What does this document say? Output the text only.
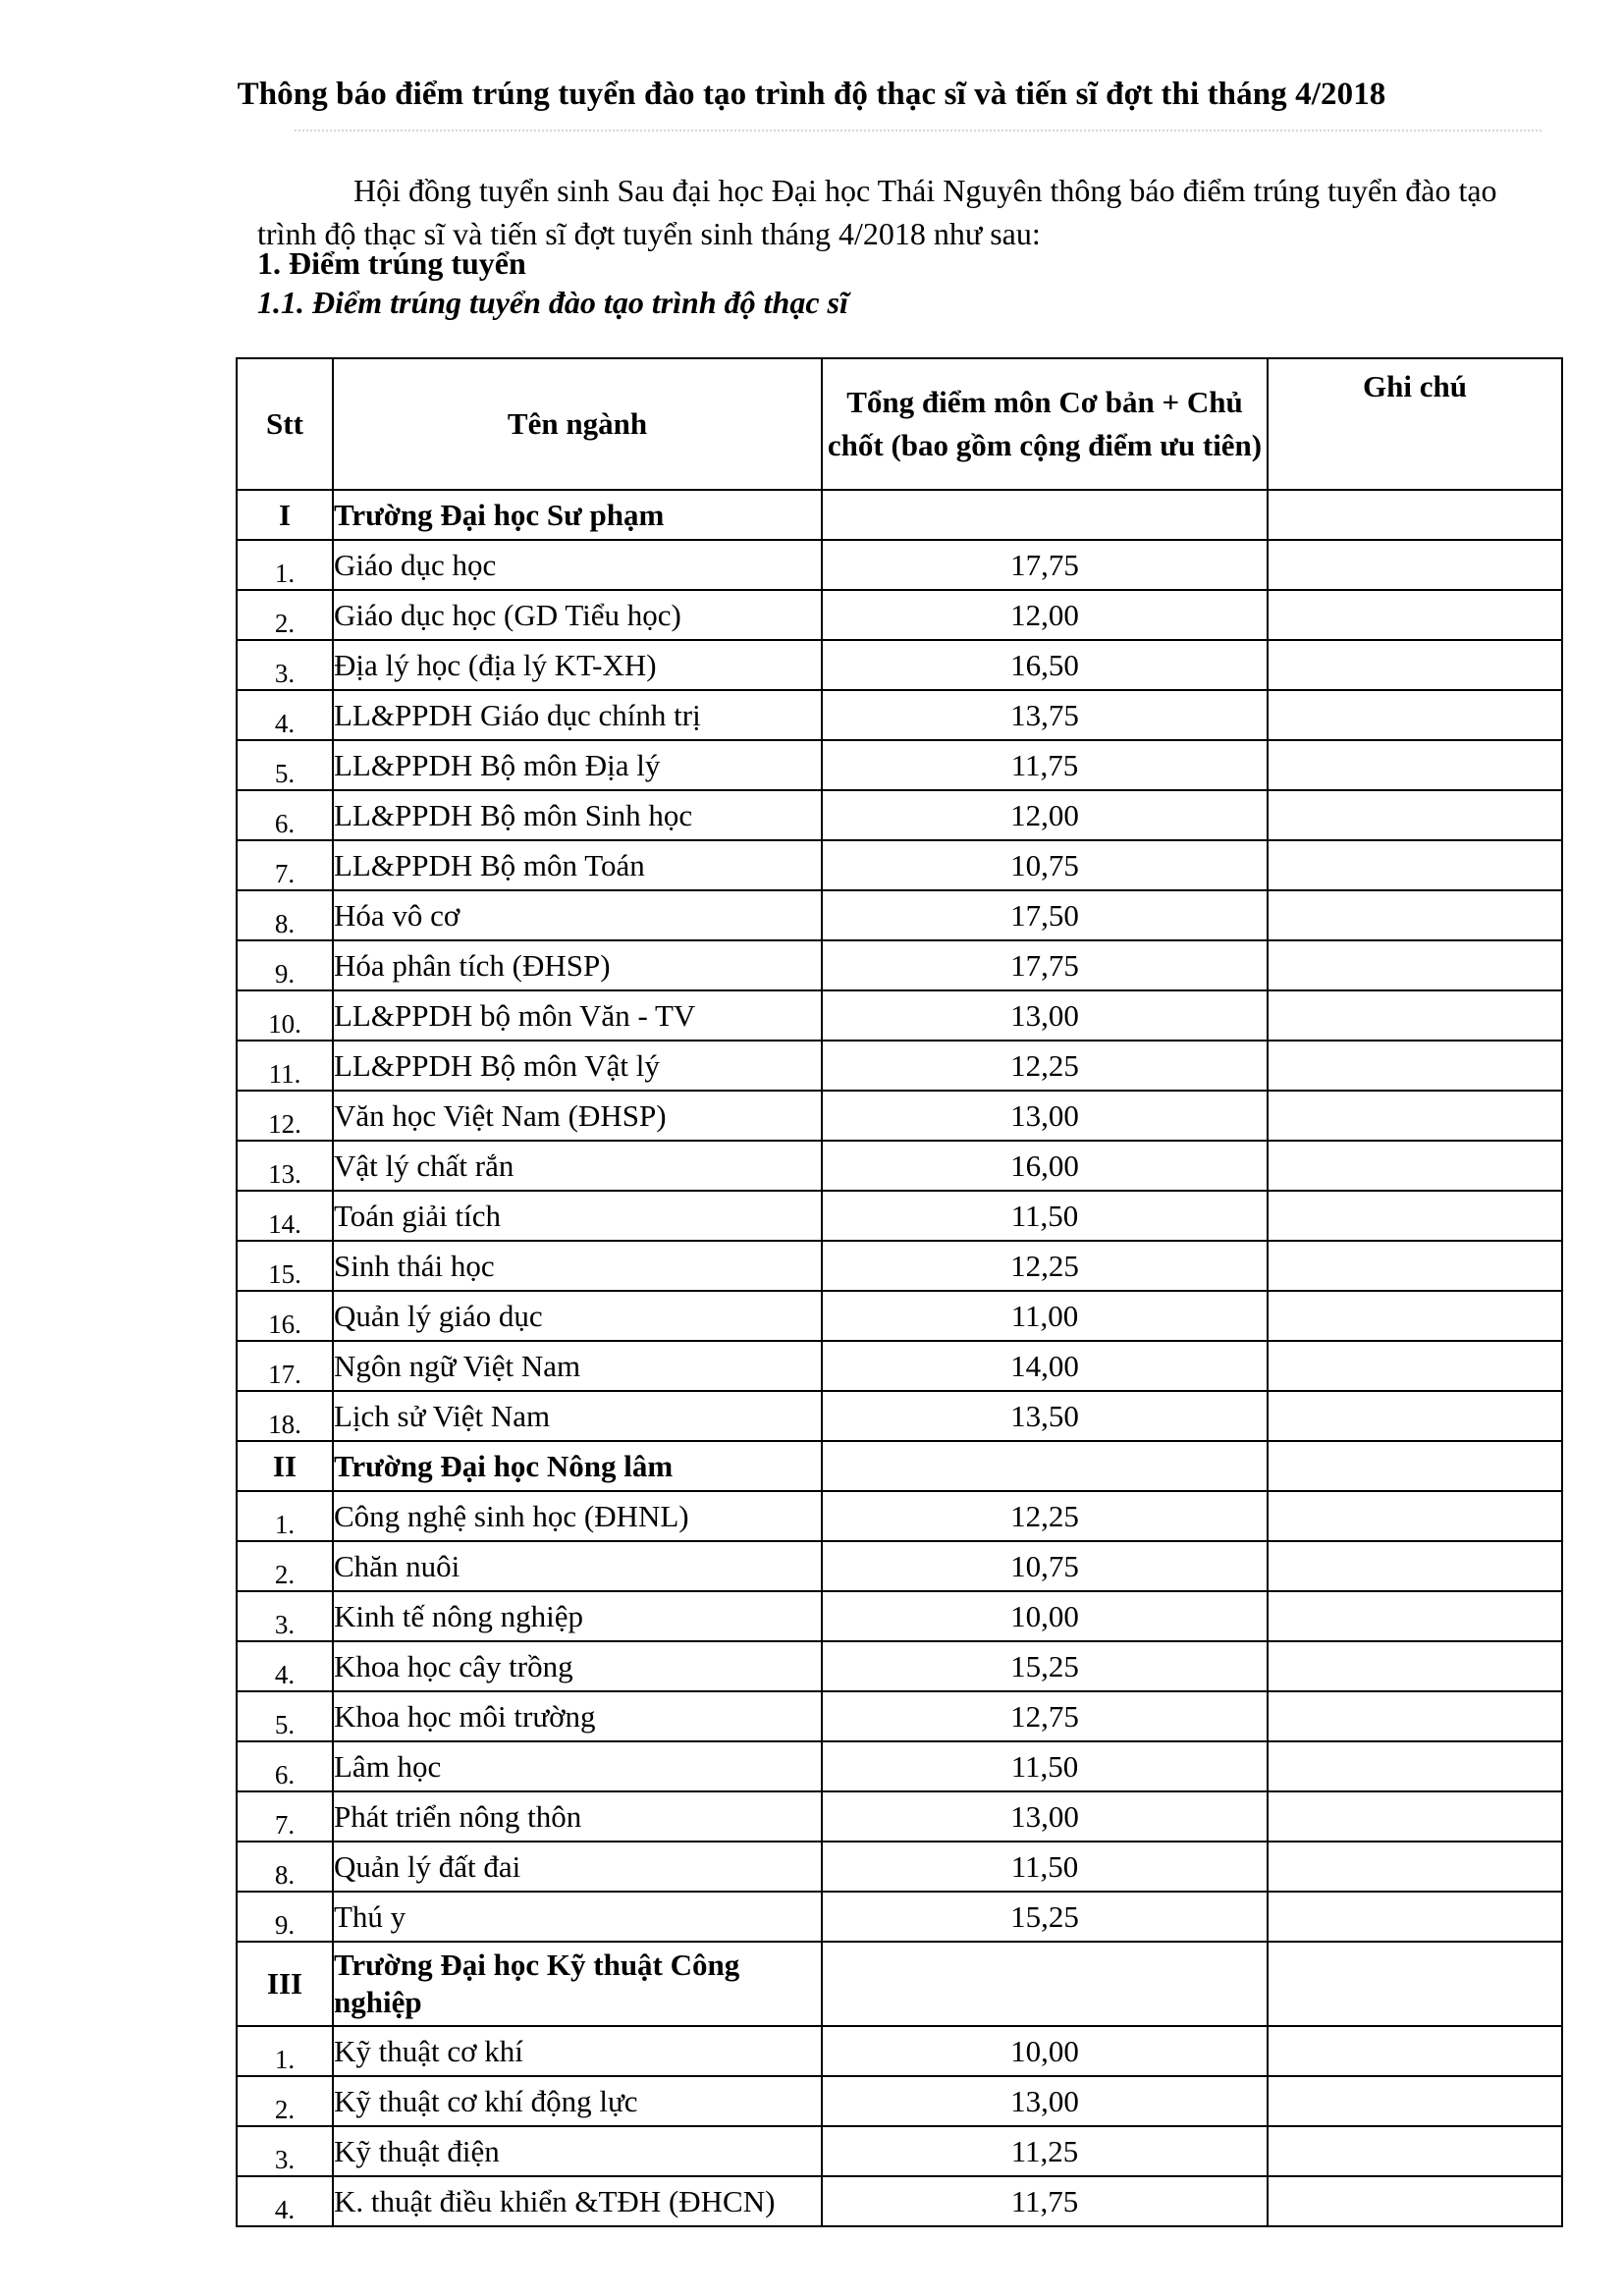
Thông báo điểm trúng tuyển đào tạo trình độ thạc sĩ và tiến sĩ đợt thi tháng 4/2018
Hội đồng tuyển sinh Sau đại học Đại học Thái Nguyên thông báo điểm trúng tuyển đào tạo trình độ thạc sĩ và tiến sĩ đợt tuyển sinh tháng 4/2018 như sau:
1. Điểm trúng tuyển
1.1. Điểm trúng tuyển đào tạo trình độ thạc sĩ
Stt	Tên ngành	Tổng điểm môn Cơ bản + Chủ chốt (bao gồm cộng điểm ưu tiên)	Ghi chú
I	Trường Đại học Sư phạm		
1.	Giáo dục học	17,75	
2.	Giáo dục học (GD Tiểu học)	12,00	
3.	Địa lý học (địa lý KT-XH)	16,50	
4.	LL&PPDH Giáo dục chính trị	13,75	
5.	LL&PPDH Bộ môn Địa lý	11,75	
6.	LL&PPDH Bộ môn Sinh học	12,00	
7.	LL&PPDH Bộ môn Toán	10,75	
8.	Hóa vô cơ	17,50	
9.	Hóa phân tích (ĐHSP)	17,75	
10.	LL&PPDH bộ môn Văn - TV	13,00	
11.	LL&PPDH Bộ môn Vật lý	12,25	
12.	Văn học Việt Nam (ĐHSP)	13,00	
13.	Vật lý chất rắn	16,00	
14.	Toán giải tích	11,50	
15.	Sinh thái học	12,25	
16.	Quản lý giáo dục	11,00	
17.	Ngôn ngữ Việt Nam	14,00	
18.	Lịch sử Việt Nam	13,50	
II	Trường Đại học Nông lâm		
1.	Công nghệ sinh học (ĐHNL)	12,25	
2.	Chăn nuôi	10,75	
3.	Kinh tế nông nghiệp	10,00	
4.	Khoa học cây trồng	15,25	
5.	Khoa học môi trường	12,75	
6.	Lâm học	11,50	
7.	Phát triển nông thôn	13,00	
8.	Quản lý đất đai	11,50	
9.	Thú y	15,25	
III	Trường Đại học Kỹ thuật Công nghiệp		
1.	Kỹ thuật cơ khí	10,00	
2.	Kỹ thuật cơ khí động lực	13,00	
3.	Kỹ thuật điện	11,25	
4.	K. thuật điều khiển &TĐH (ĐHCN)	11,75	
